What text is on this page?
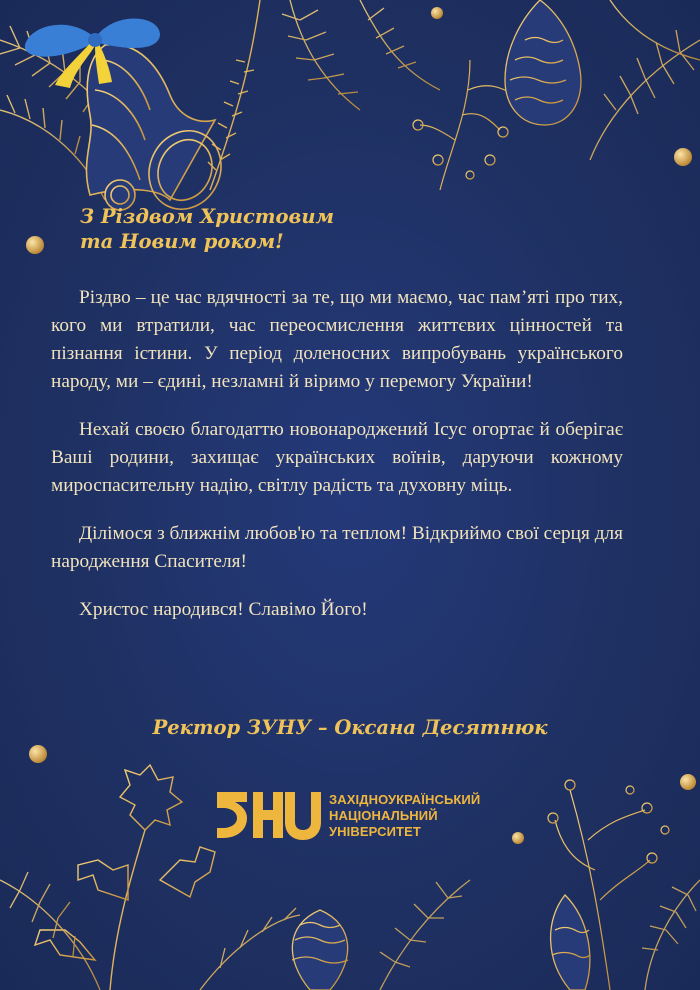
З Різдвом Христовим
та Новим роком!

Різдво – це час вдячності за те, що ми маємо, час пам’яті про тих, кого ми втратили, час переосмислення життєвих цінностей та пізнання істини. У період доленосних випробувань українського народу, ми – єдині, незламні й віримо у перемогу України!

Нехай своєю благодаттю новонароджений Ісус огортає й оберігає Ваші родини, захищає українських воїнів, даруючи кожному мироспасительну надію, світлу радість та духовну міць.

Ділімося з ближнім любов'ю та теплом! Відкриймо свої серця для народження Спасителя!

Христос народився! Славімо Його!

Ректор ЗУНУ – Оксана Десятнюк
ЗАХІДНОУКРАЇНСЬКИЙ
НАЦІОНАЛЬНИЙ
УНІВЕРСИТЕТ
